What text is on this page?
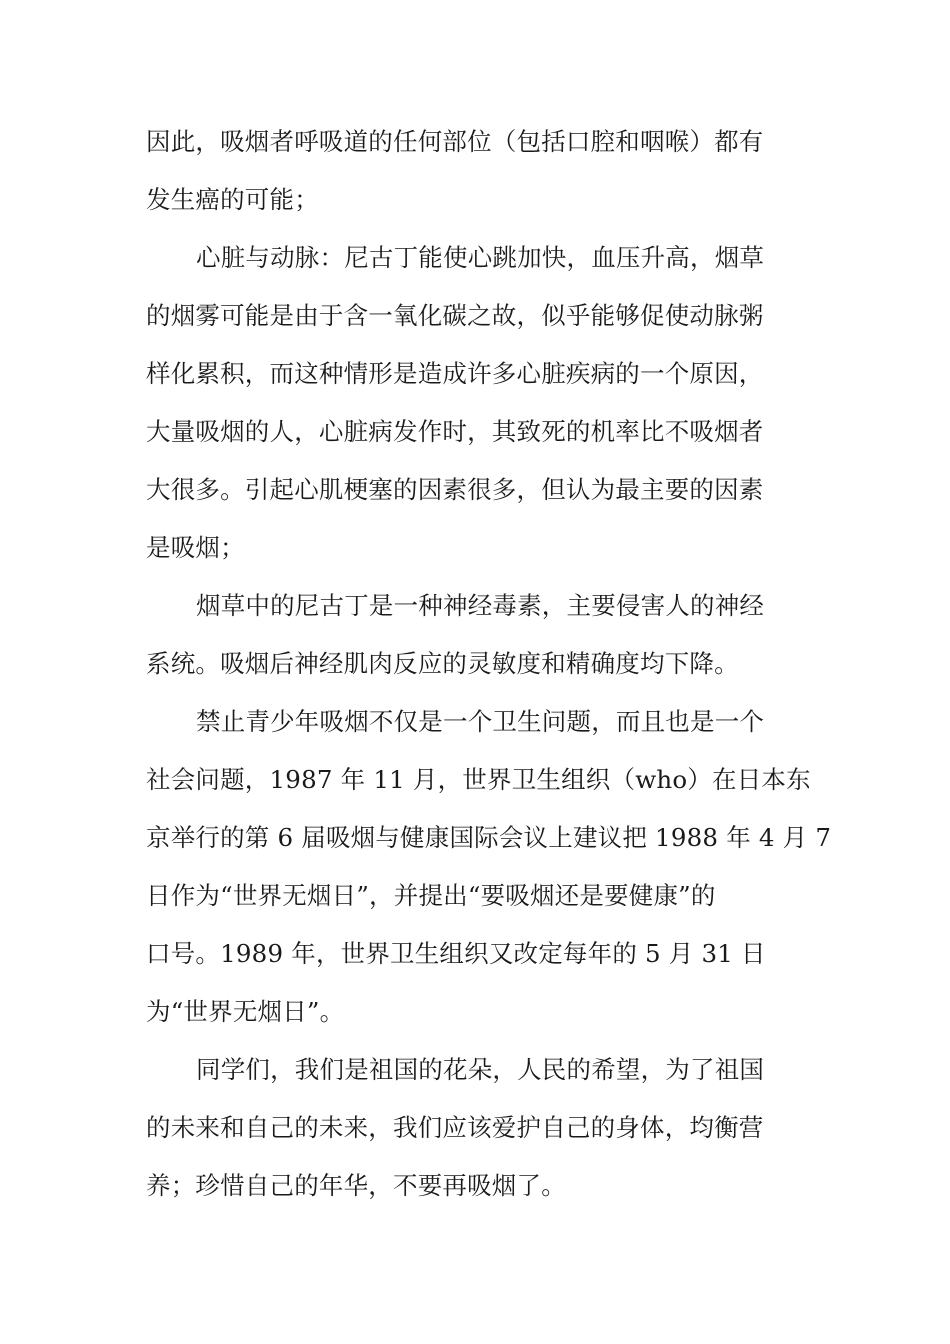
因此，吸烟者呼吸道的任何部位（包括口腔和咽喉）都有
发生癌的可能；
心脏与动脉：尼古丁能使心跳加快，血压升高，烟草
的烟雾可能是由于含一氧化碳之故，似乎能够促使动脉粥
样化累积，而这种情形是造成许多心脏疾病的一个原因，
大量吸烟的人，心脏病发作时，其致死的机率比不吸烟者
大很多。引起心肌梗塞的因素很多，但认为最主要的因素
是吸烟；
烟草中的尼古丁是一种神经毒素，主要侵害人的神经
系统。吸烟后神经肌肉反应的灵敏度和精确度均下降。
禁止青少年吸烟不仅是一个卫生问题，而且也是一个
社会问题，1987 年 11 月，世界卫生组织（who）在日本东
京举行的第 6 届吸烟与健康国际会议上建议把 1988 年 4 月 7
日作为“世界无烟日”，并提出“要吸烟还是要健康”的
口号。1989 年，世界卫生组织又改定每年的 5 月 31 日
为“世界无烟日”。
同学们，我们是祖国的花朵，人民的希望，为了祖国
的未来和自己的未来，我们应该爱护自己的身体，均衡营
养；珍惜自己的年华，不要再吸烟了。
